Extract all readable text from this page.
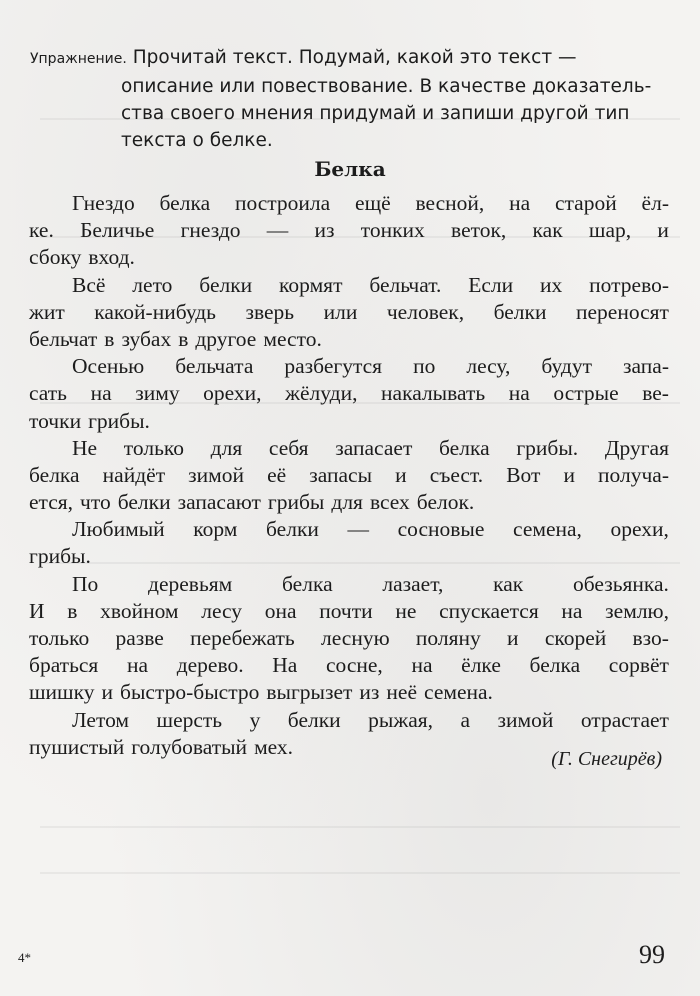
Упражнение. Прочитай текст. Подумай, какой это текст —
описание или повествование. В качестве доказатель-
ства своего мнения придумай и запиши другой тип
текста о белке.
Белка
Гнездо белка построила ещё весной, на старой ёл-
ке. Беличье гнездо — из тонких веток, как шар, и
сбоку вход.
Всё лето белки кормят бельчат. Если их потрево-
жит какой-нибудь зверь или человек, белки переносят
бельчат в зубах в другое место.
Осенью бельчата разбегутся по лесу, будут запа-
сать на зиму орехи, жёлуди, накалывать на острые ве-
точки грибы.
Не только для себя запасает белка грибы. Другая
белка найдёт зимой её запасы и съест. Вот и получа-
ется, что белки запасают грибы для всех белок.
Любимый корм белки — сосновые семена, орехи,
грибы.
По деревьям белка лазает, как обезьянка.
И в хвойном лесу она почти не спускается на землю,
только разве перебежать лесную поляну и скорей взо-
браться на дерево. На сосне, на ёлке белка сорвёт
шишку и быстро-быстро выгрызет из неё семена.
Летом шерсть у белки рыжая, а зимой отрастает
пушистый голубоватый мех.
(Г. Снегирёв)
4*	99
